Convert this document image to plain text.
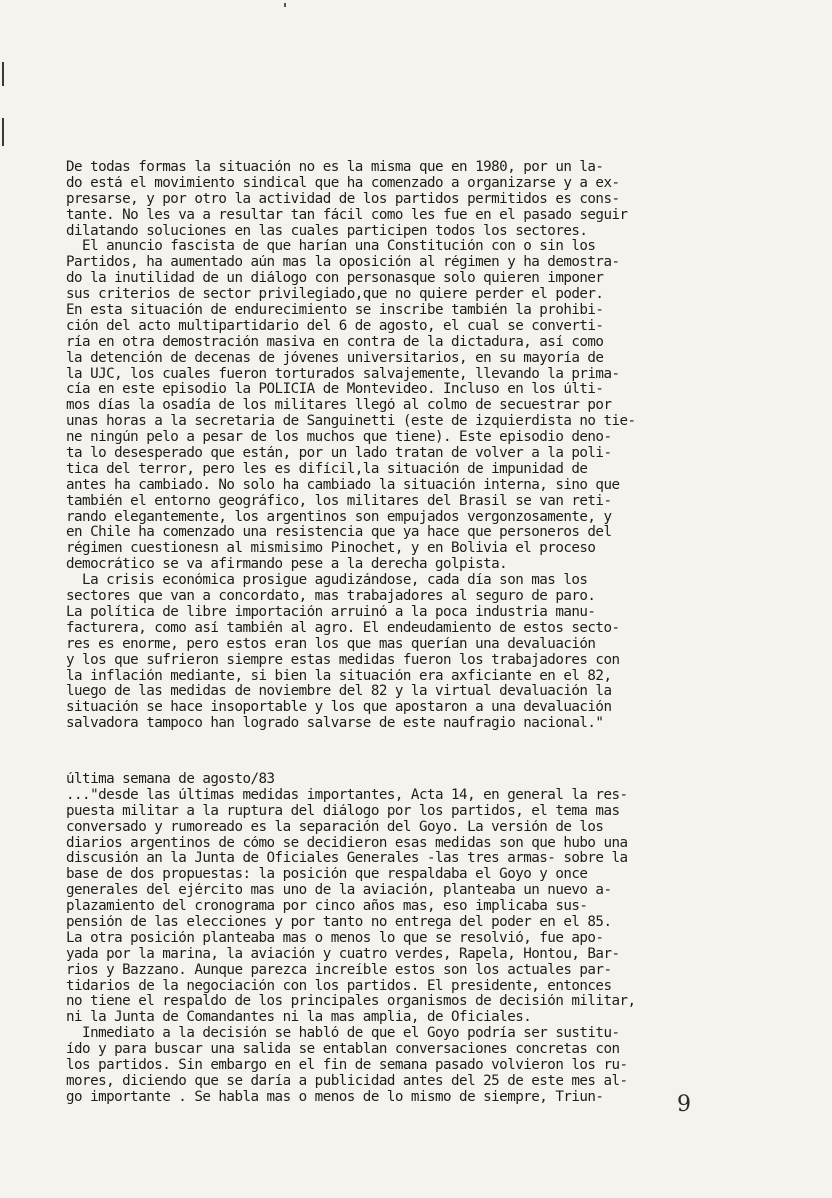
De todas formas la situación no es la misma que en 1980, por un la-
do está el movimiento sindical que ha comenzado a organizarse y a ex-
presarse, y por otro la actividad de los partidos permitidos es cons-
tante. No les va a resultar tan fácil como les fue en el pasado seguir
dilatando soluciones en las cuales participen todos los sectores.
El anuncio fascista de que harían una Constitución con o sin los
Partidos, ha aumentado aún mas la oposición al régimen y ha demostra-
do la inutilidad de un diálogo con personasque solo quieren imponer
sus criterios de sector privilegiado,que no quiere perder el poder.
En esta situación de endurecimiento se inscribe también la prohibi-
ción del acto multipartidario del 6 de agosto, el cual se converti-
ría en otra demostración masiva en contra de la dictadura, así como
la detención de decenas de jóvenes universitarios, en su mayoría de
la UJC, los cuales fueron torturados salvajemente, llevando la prima-
cía en este episodio la POLICIA de Montevideo. Incluso en los últi-
mos días la osadía de los militares llegó al colmo de secuestrar por
unas horas a la secretaria de Sanguinetti (este de izquierdista no tie-
ne ningún pelo a pesar de los muchos que tiene). Este episodio deno-
ta lo desesperado que están, por un lado tratan de volver a la poli-
tica del terror, pero les es difícil,la situación de impunidad de
antes ha cambiado. No solo ha cambiado la situación interna, sino que
también el entorno geográfico, los militares del Brasil se van reti-
rando elegantemente, los argentinos son empujados vergonzosamente, y
en Chile ha comenzado una resistencia que ya hace que personeros del
régimen cuestionesn al mismisimo Pinochet, y en Bolivia el proceso
democrático se va afirmando pese a la derecha golpista.
La crisis económica prosigue agudizándose, cada día son mas los
sectores que van a concordato, mas trabajadores al seguro de paro.
La política de libre importación arruinó a la poca industria manu-
facturera, como así también al agro. El endeudamiento de estos secto-
res es enorme, pero estos eran los que mas querían una devaluación
y los que sufrieron siempre estas medidas fueron los trabajadores con
la inflación mediante, si bien la situación era axficiante en el 82,
luego de las medidas de noviembre del 82 y la virtual devaluación la
situación se hace insoportable y los que apostaron a una devaluación
salvadora tampoco han logrado salvarse de este naufragio nacional."
última semana de agosto/83
..."desde las últimas medidas importantes, Acta 14, en general la res-
puesta militar a la ruptura del diálogo por los partidos, el tema mas
conversado y rumoreado es la separación del Goyo. La versión de los
diarios argentinos de cómo se decidieron esas medidas son que hubo una
discusión an la Junta de Oficiales Generales -las tres armas- sobre la
base de dos propuestas: la posición que respaldaba el Goyo y once
generales del ejército mas uno de la aviación, planteaba un nuevo a-
plazamiento del cronograma por cinco años mas, eso implicaba sus-
pensión de las elecciones y por tanto no entrega del poder en el 85.
La otra posición planteaba mas o menos lo que se resolvió, fue apo-
yada por la marina, la aviación y cuatro verdes, Rapela, Hontou, Bar-
rios y Bazzano. Aunque parezca increíble estos son los actuales par-
tidarios de la negociación con los partidos. El presidente, entonces
no tiene el respaldo de los principales organismos de decisión militar,
ni la Junta de Comandantes ni la mas amplia, de Oficiales.
Inmediato a la decisión se habló de que el Goyo podría ser sustitu-
ído y para buscar una salida se entablan conversaciones concretas con
los partidos. Sin embargo en el fin de semana pasado volvieron los ru-
mores, diciendo que se daría a publicidad antes del 25 de este mes al-
go importante . Se habla mas o menos de lo mismo de siempre, Triun-	9
